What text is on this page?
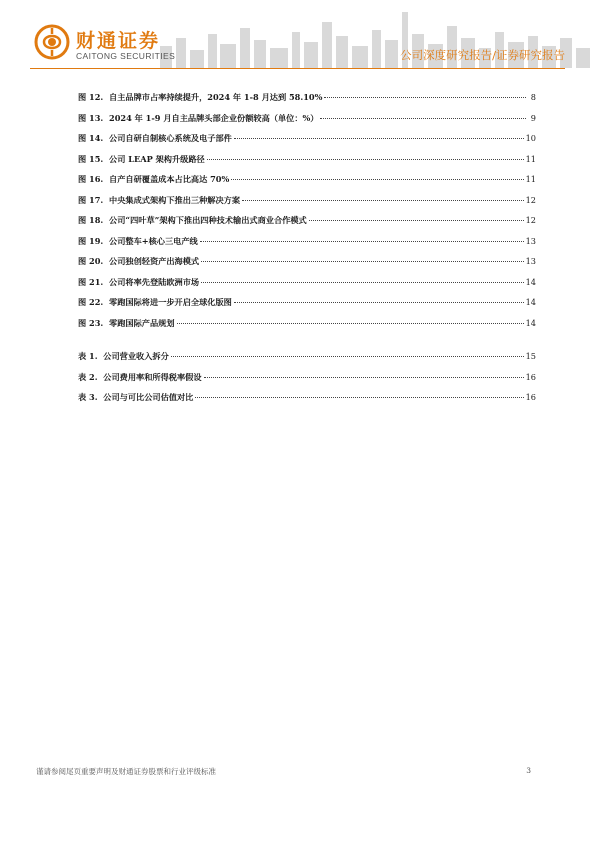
财通证券
CAITONG SECURITIES	公司深度研究报告/证券研究报告
图 12.
自主品牌市占率持续提升，2024 年 1-8 月达到 58.10%	8
图 13.
2024 年 1-9 月自主品牌头部企业份额较高（单位：%）	9
图 14.
公司自研自制核心系统及电子部件	10
图 15.
公司 LEAP 架构升级路径	11
图 16.
自产自研覆盖成本占比高达 70%	11
图 17.
中央集成式架构下推出三种解决方案	12
图 18.
公司“四叶草”架构下推出四种技术输出式商业合作模式	12
图 19.
公司整车+核心三电产线	13
图 20.
公司独创轻资产出海模式	13
图 21.
公司将率先登陆欧洲市场	14
图 22.
零跑国际将进一步开启全球化版图	14
图 23.
零跑国际产品规划	14
表 1.
公司营业收入拆分	15
表 2.
公司费用率和所得税率假设	16
表 3.
公司与可比公司估值对比	16
谨请参阅尾页重要声明及财通证券股票和行业评级标准	3
